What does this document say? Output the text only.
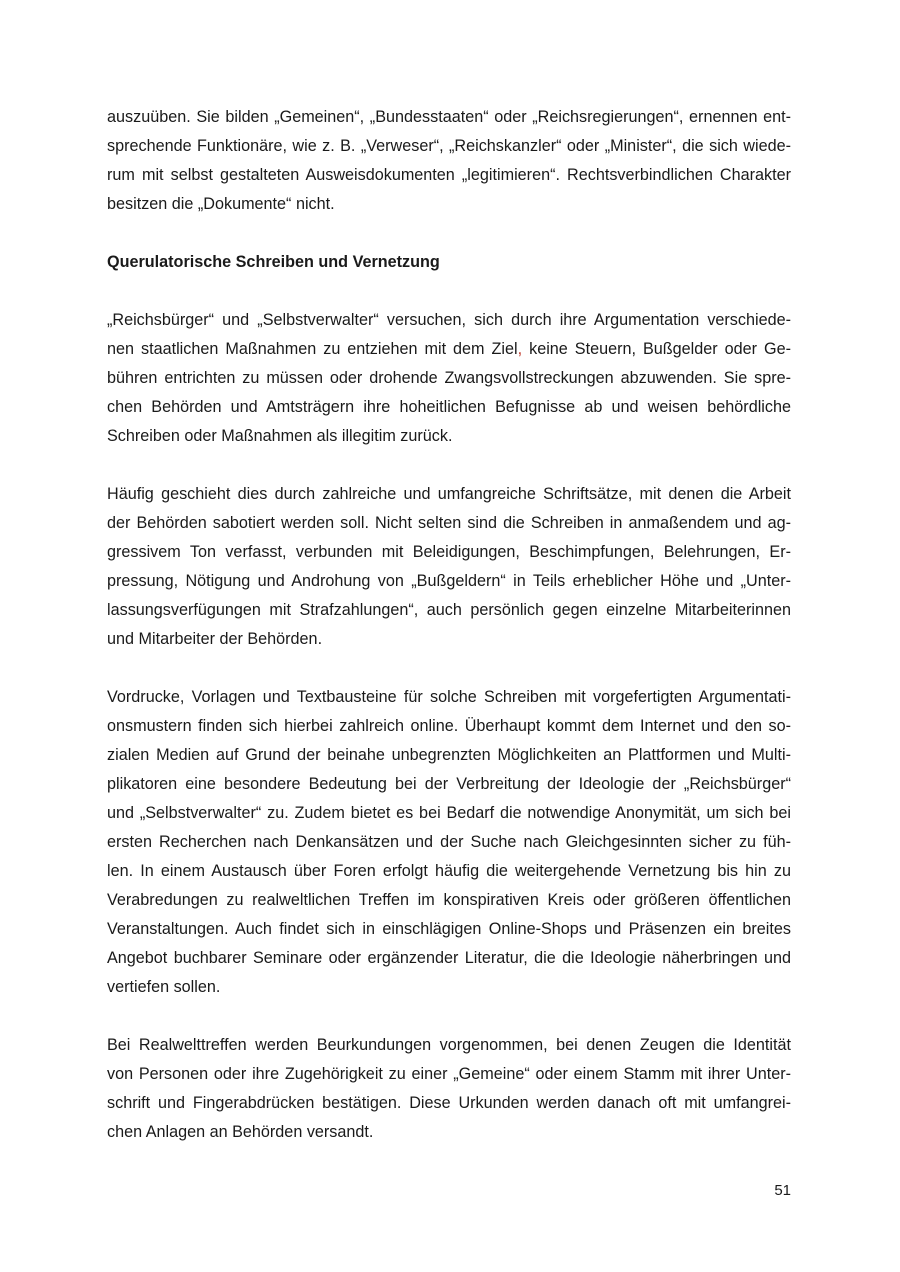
auszuüben. Sie bilden „Gemeinen“, „Bundesstaaten“ oder „Reichsregierungen“, ernennen ent-
sprechende Funktionäre, wie z. B. „Verweser“, „Reichskanzler“ oder „Minister“, die sich wiede-
rum mit selbst gestalteten Ausweisdokumenten „legitimieren“. Rechtsverbindlichen Charakter
besitzen die „Dokumente“ nicht.

Querulatorische Schreiben und Vernetzung

„Reichsbürger“ und „Selbstverwalter“ versuchen, sich durch ihre Argumentation verschiede-
nen staatlichen Maßnahmen zu entziehen mit dem Ziel, keine Steuern, Bußgelder oder Ge-
bühren entrichten zu müssen oder drohende Zwangsvollstreckungen abzuwenden. Sie spre-
chen Behörden und Amtsträgern ihre hoheitlichen Befugnisse ab und weisen behördliche
Schreiben oder Maßnahmen als illegitim zurück.

Häufig geschieht dies durch zahlreiche und umfangreiche Schriftsätze, mit denen die Arbeit
der Behörden sabotiert werden soll. Nicht selten sind die Schreiben in anmaßendem und ag-
gressivem Ton verfasst, verbunden mit Beleidigungen, Beschimpfungen, Belehrungen, Er-
pressung, Nötigung und Androhung von „Bußgeldern“ in Teils erheblicher Höhe und „Unter-
lassungsverfügungen mit Strafzahlungen“, auch persönlich gegen einzelne Mitarbeiterinnen
und Mitarbeiter der Behörden.

Vordrucke, Vorlagen und Textbausteine für solche Schreiben mit vorgefertigten Argumentati-
onsmustern finden sich hierbei zahlreich online. Überhaupt kommt dem Internet und den so-
zialen Medien auf Grund der beinahe unbegrenzten Möglichkeiten an Plattformen und Multi-
plikatoren eine besondere Bedeutung bei der Verbreitung der Ideologie der „Reichsbürger“
und „Selbstverwalter“ zu. Zudem bietet es bei Bedarf die notwendige Anonymität, um sich bei
ersten Recherchen nach Denkansätzen und der Suche nach Gleichgesinnten sicher zu füh-
len. In einem Austausch über Foren erfolgt häufig die weitergehende Vernetzung bis hin zu
Verabredungen zu realweltlichen Treffen im konspirativen Kreis oder größeren öffentlichen
Veranstaltungen. Auch findet sich in einschlägigen Online-Shops und Präsenzen ein breites
Angebot buchbarer Seminare oder ergänzender Literatur, die die Ideologie näherbringen und
vertiefen sollen.

Bei Realwelttreffen werden Beurkundungen vorgenommen, bei denen Zeugen die Identität
von Personen oder ihre Zugehörigkeit zu einer „Gemeine“ oder einem Stamm mit ihrer Unter-
schrift und Fingerabdrücken bestätigen. Diese Urkunden werden danach oft mit umfangrei-
chen Anlagen an Behörden versandt.

51
